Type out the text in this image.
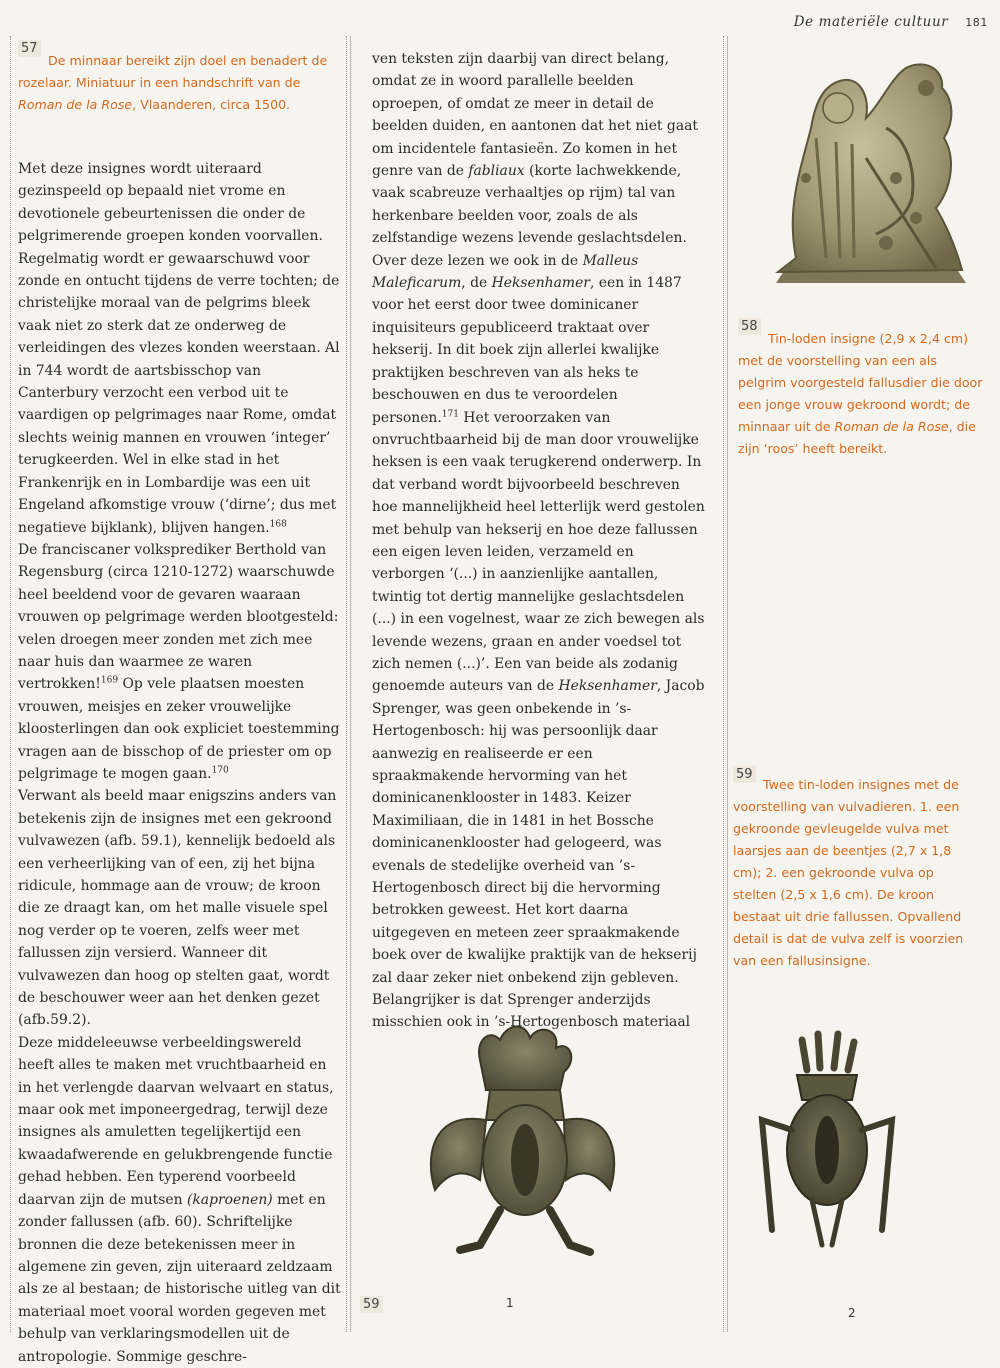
De materiële cultuur 181
57
De minnaar bereikt zijn doel en benadert de rozelaar. Miniatuur in een handschrift van de Roman de la Rose, Vlaanderen, circa 1500.

Met deze insignes wordt uiteraard gezinspeeld op bepaald niet vrome en devotionele gebeurtenissen die onder de pelgrimerende groepen konden voorvallen. Regelmatig wordt er gewaarschuwd voor zonde en ontucht tijdens de verre tochten; de christelijke moraal van de pelgrims bleek vaak niet zo sterk dat ze onderweg de verleidingen des vlezes konden weerstaan. Al in 744 wordt de aartsbisschop van Canterbury verzocht een verbod uit te vaardigen op pelgrimages naar Rome, omdat slechts weinig mannen en vrouwen ‘integer’ terugkeerden. Wel in elke stad in het Frankenrijk en in Lombardije was een uit Engeland afkomstige vrouw (‘dirne’; dus met negatieve bijklank), blijven hangen.$^{168}$

De franciscaner volksprediker Berthold van Regensburg (circa 1210-1272) waarschuwde heel beeldend voor de gevaren waaraan vrouwen op pelgrimage werden blootgesteld: velen droegen meer zonden met zich mee naar huis dan waarmee ze waren vertrokken!$^{169}$ Op vele plaatsen moesten vrouwen, meisjes en zeker vrouwelijke kloosterlingen dan ook expliciet toestemming vragen aan de bisschop of de priester om op pelgrimage te mogen gaan.$^{170}$

Verwant als beeld maar enigszins anders van betekenis zijn de insignes met een gekroond vulvawezen (afb. 59.1), kennelijk bedoeld als een verheerlijking van of een, zij het bijna ridicule, hommage aan de vrouw; de kroon die ze draagt kan, om het malle visuele spel nog verder op te voeren, zelfs weer met fallussen zijn versierd. Wanneer dit vulvawezen dan hoog op stelten gaat, wordt de beschouwer weer aan het denken gezet (afb.59.2).

Deze middeleeuwse verbeeldingswereld heeft alles te maken met vruchtbaarheid en in het verlengde daarvan welvaart en status, maar ook met imponeergedrag, terwijl deze insignes als amuletten tegelijkertijd een kwaadafwerende en gelukbrengende functie gehad hebben. Een typerend voorbeeld daarvan zijn de mutsen (kaproenen) met en zonder fallussen (afb. 60). Schriftelijke bronnen die deze betekenissen meer in algemene zin geven, zijn uiteraard zeldzaam als ze al bestaan; de historische uitleg van dit materiaal moet vooral worden gegeven met behulp van verklaringsmodellen uit de antropologie. Sommige geschre-

ven teksten zijn daarbij van direct belang, omdat ze in woord parallelle beelden oproepen, of omdat ze meer in detail de beelden duiden, en aantonen dat het niet gaat om incidentele fantasieën. Zo komen in het genre van de fabliaux (korte lachwekkende, vaak scabreuze verhaaltjes op rijm) tal van herkenbare beelden voor, zoals de als zelfstandige wezens levende geslachtsdelen. Over deze lezen we ook in de Malleus Maleficarum, de Heksenhamer, een in 1487 voor het eerst door twee dominicaner inquisiteurs gepubliceerd traktaat over hekserij. In dit boek zijn allerlei kwalijke praktijken beschreven van als heks te beschouwen en dus te veroordelen personen.$^{171}$ Het veroorzaken van onvruchtbaarheid bij de man door vrouwelijke heksen is een vaak terugkerend onderwerp. In dat verband wordt bijvoorbeeld beschreven hoe mannelijkheid heel letterlijk werd gestolen met behulp van hekserij en hoe deze fallussen een eigen leven leiden, verzameld en verborgen ‘(...) in aanzienlijke aantallen, twintig tot dertig mannelijke geslachtsdelen (...) in een vogelnest, waar ze zich bewegen als levende wezens, graan en ander voedsel tot zich nemen (...)’. Een van beide als zodanig genoemde auteurs van de Heksenhamer, Jacob Sprenger, was geen onbekende in ’s-Hertogenbosch: hij was persoonlijk daar aanwezig en realiseerde er een spraakmakende hervorming van het dominicanenklooster in 1483. Keizer Maximiliaan, die in 1481 in het Bossche dominicanenklooster had gelogeerd, was evenals de stedelijke overheid van ’s-Hertogenbosch direct bij die hervorming betrokken geweest. Het kort daarna uitgegeven en meteen zeer spraakmakende boek over de kwalijke praktijk van de hekserij zal daar zeker niet onbekend zijn gebleven. Belangrijker is dat Sprenger anderzijds misschien ook in ’s-Hertogenbosch materiaal

58
Tin-loden insigne (2,9 x 2,4 cm) met de voorstelling van een als pelgrim voorgesteld fallusdier die door een jonge vrouw gekroond wordt; de minnaar uit de Roman de la Rose, die zijn ‘roos’ heeft bereikt.
59
Twee tin-loden insignes met de voorstelling van vulvadieren. 1. een gekroonde gevleugelde vulva met laarsjes aan de beentjes (2,7 x 1,8 cm); 2. een gekroonde vulva op stelten (2,5 x 1,6 cm). De kroon bestaat uit drie fallussen. Opvallend detail is dat de vulva zelf is voorzien van een fallusinsigne.
59	1
2
